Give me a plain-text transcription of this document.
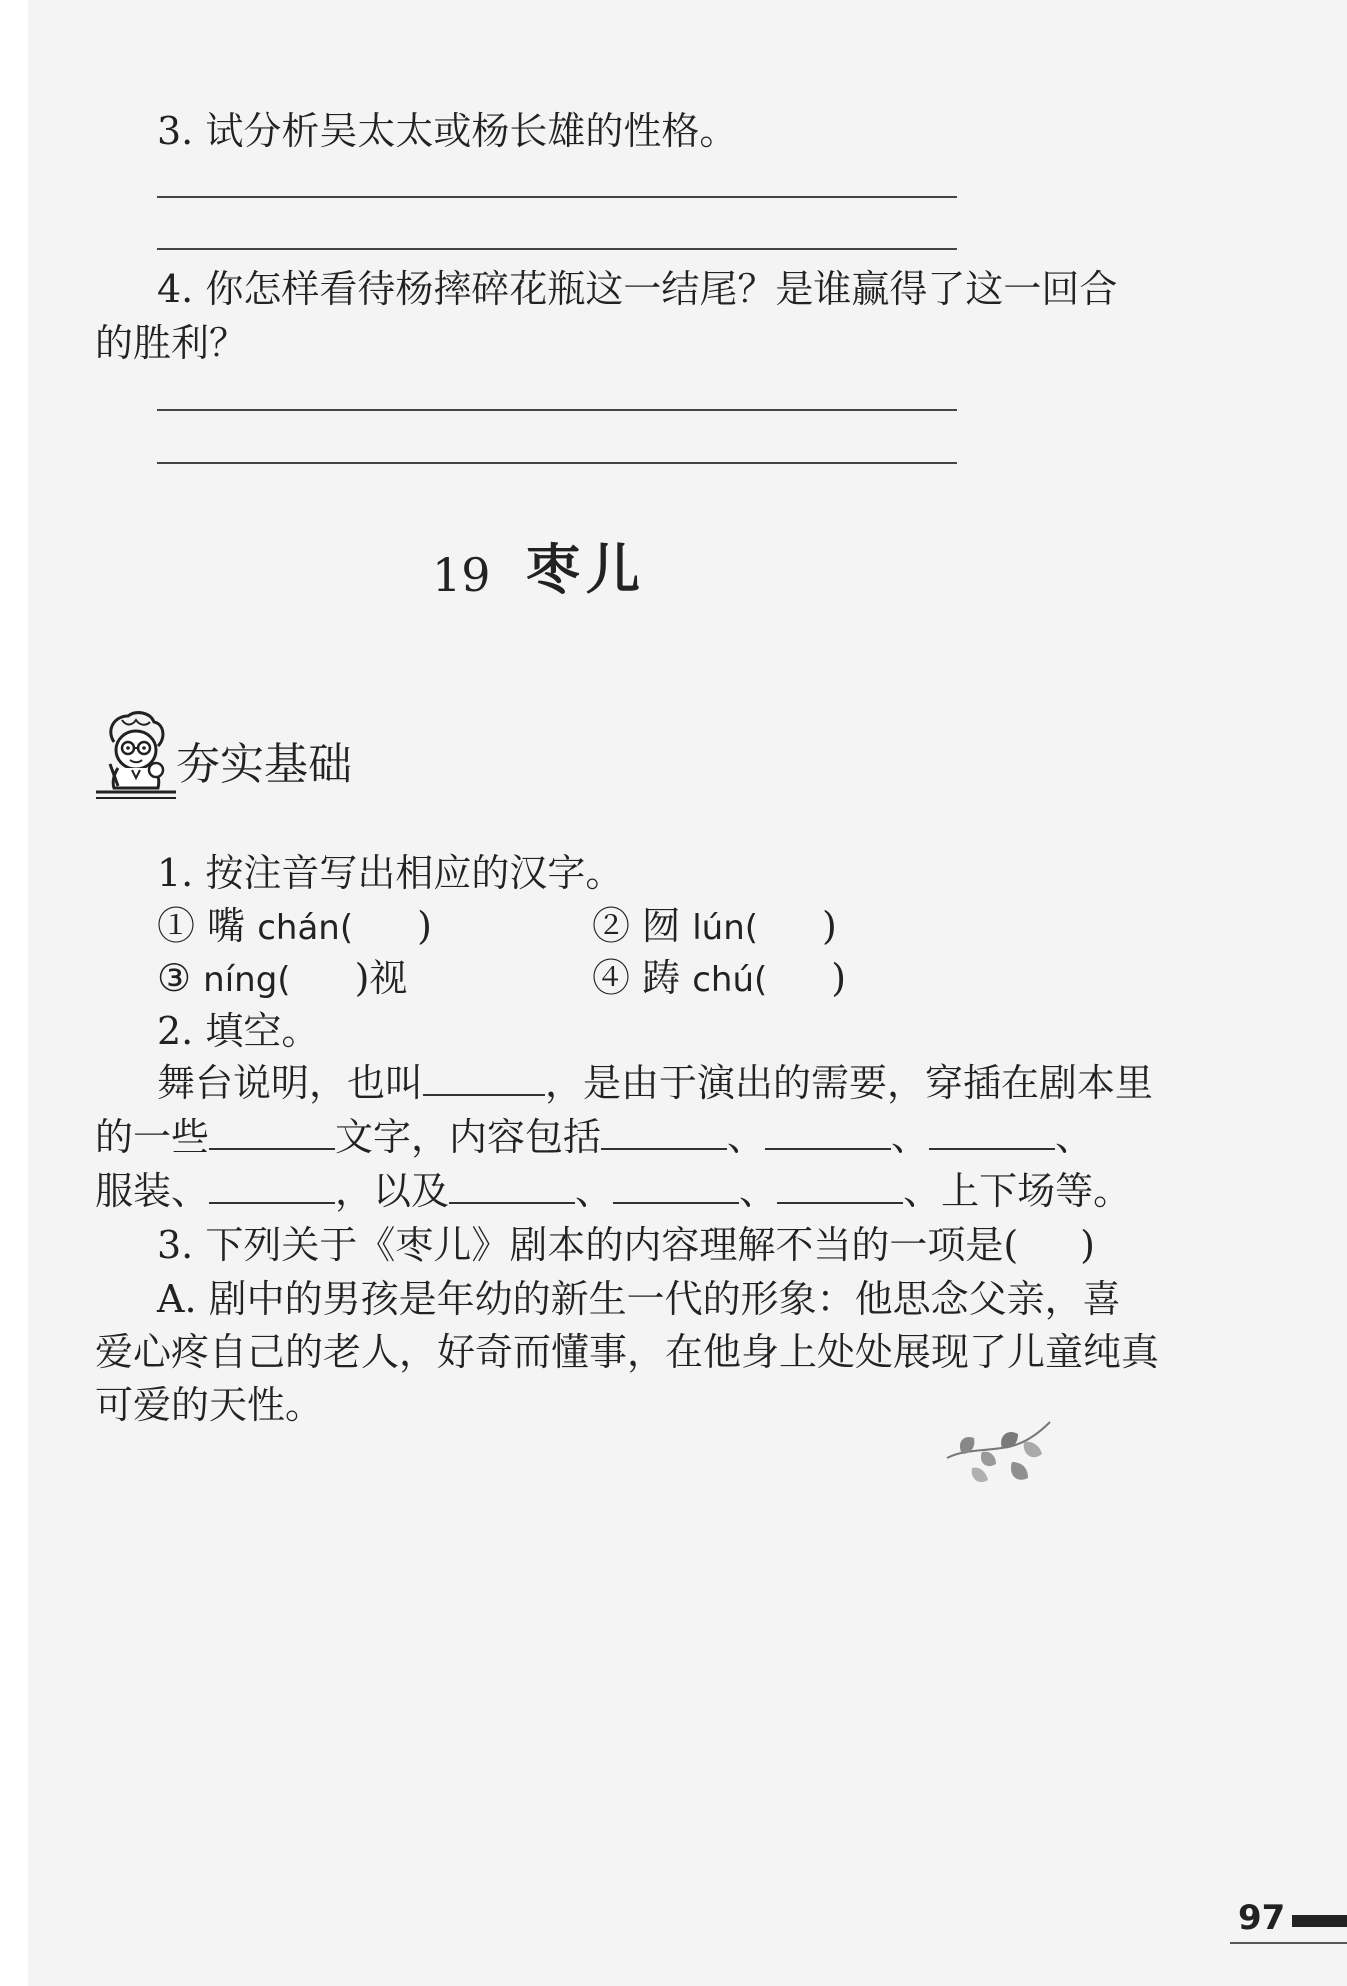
3. 试分析吴太太或杨长雄的性格。
4. 你怎样看待杨摔碎花瓶这一结尾？是谁赢得了这一回合
的胜利？
19 枣儿
夯实基础
1. 按注音写出相应的汉字。
① 嘴 chán( )	② 囫 lún( )
③ níng( )视	④ 踌 chú( )
2. 填空。
舞台说明，也叫	，是由于演出的需要，穿插在剧本里
的一些	文字，内容包括	、	、	、
服装、	，以及	、	、	、上下场等。
3. 下列关于《枣儿》剧本的内容理解不当的一项是( )
A. 剧中的男孩是年幼的新生一代的形象：他思念父亲，喜
爱心疼自己的老人，好奇而懂事，在他身上处处展现了儿童纯真
可爱的天性。
97
